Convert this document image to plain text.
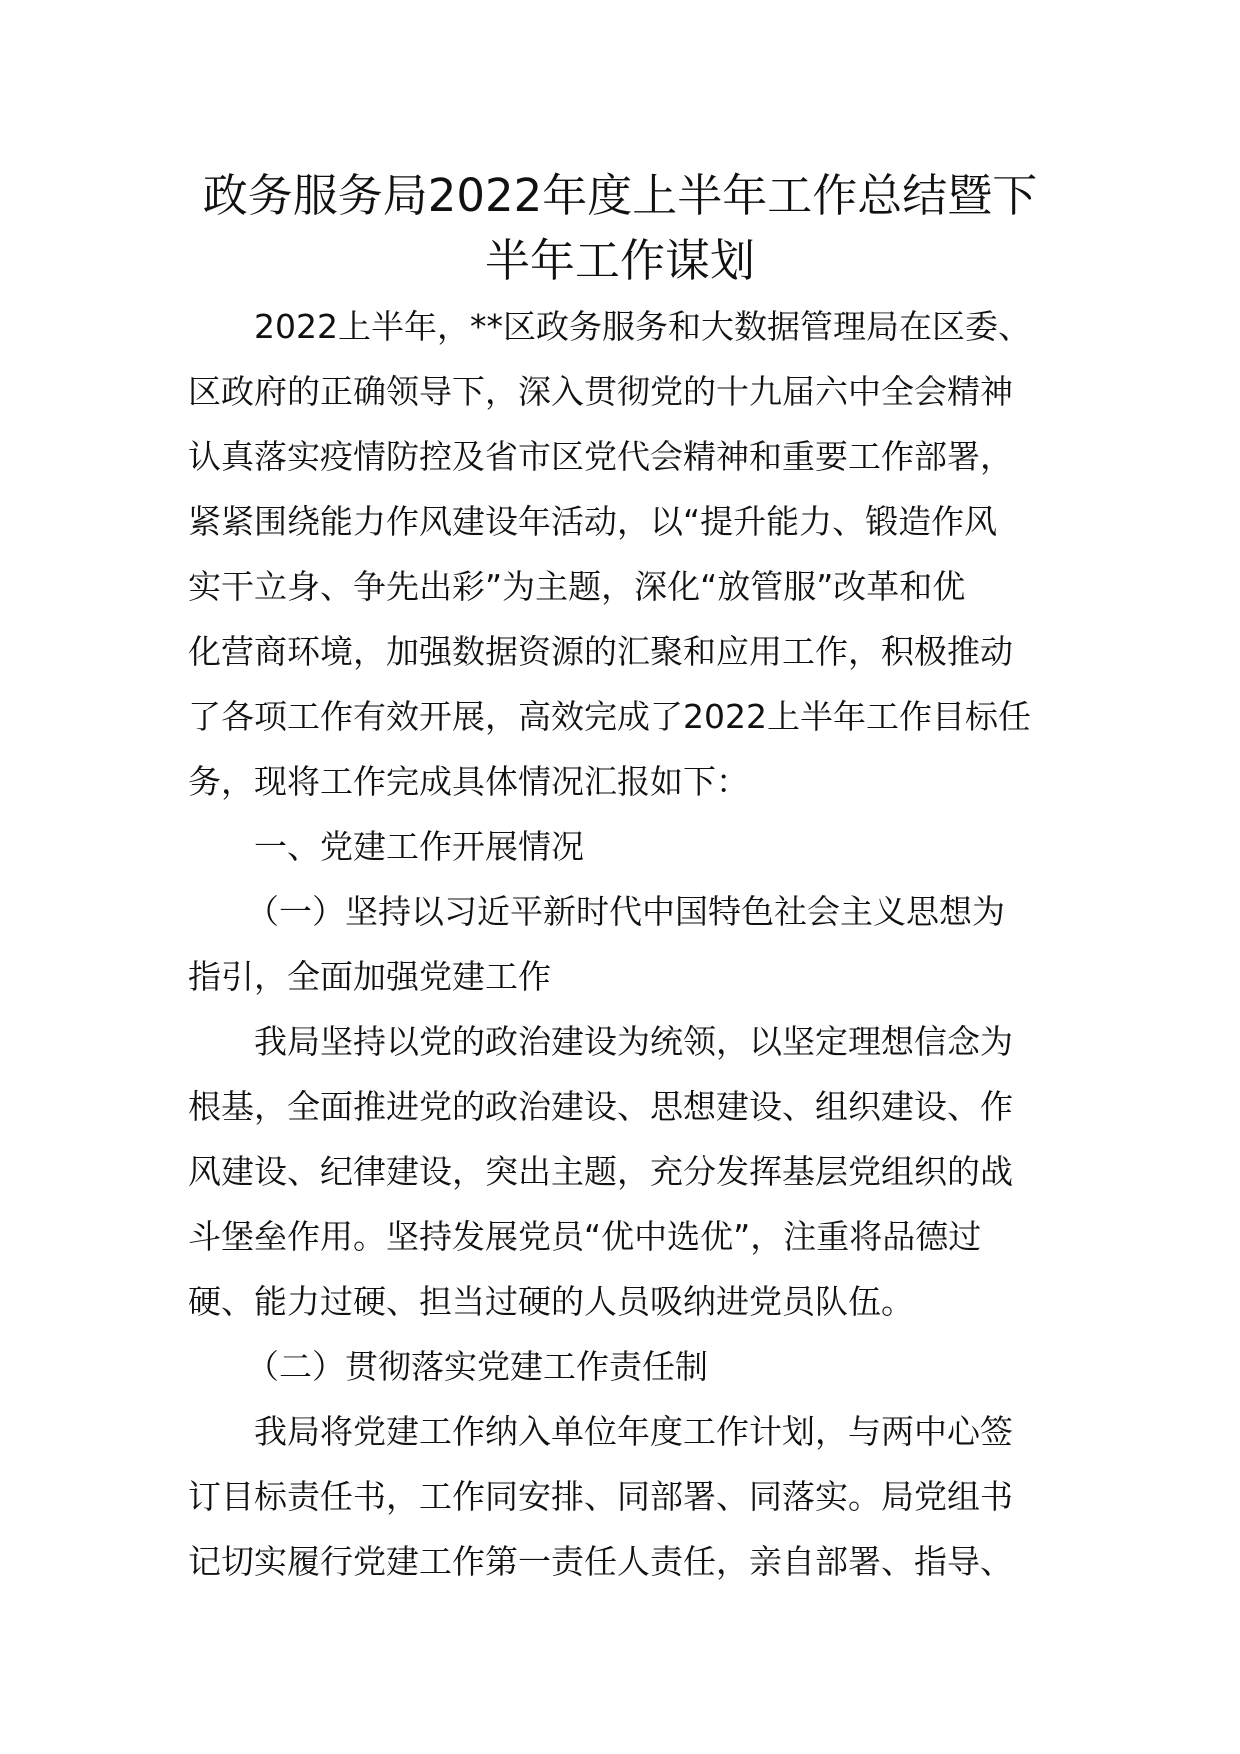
政务服务局2022年度上半年工作总结暨下
半年工作谋划

2022上半年，**区政务服务和大数据管理局在区委、

区政府的正确领导下，深入贯彻党的十九届六中全会精神

认真落实疫情防控及省市区党代会精神和重要工作部署，

紧紧围绕能力作风建设年活动，以“提升能力、锻造作风

实干立身、争先出彩”为主题，深化“放管服”改革和优

化营商环境，加强数据资源的汇聚和应用工作，积极推动

了各项工作有效开展，高效完成了2022上半年工作目标任

务，现将工作完成具体情况汇报如下：

一、党建工作开展情况

（一）坚持以习近平新时代中国特色社会主义思想为

指引，全面加强党建工作

我局坚持以党的政治建设为统领，以坚定理想信念为

根基，全面推进党的政治建设、思想建设、组织建设、作

风建设、纪律建设，突出主题，充分发挥基层党组织的战

斗堡垒作用。坚持发展党员“优中选优”，注重将品德过

硬、能力过硬、担当过硬的人员吸纳进党员队伍。

（二）贯彻落实党建工作责任制

我局将党建工作纳入单位年度工作计划，与两中心签

订目标责任书，工作同安排、同部署、同落实。局党组书

记切实履行党建工作第一责任人责任，亲自部署、指导、
